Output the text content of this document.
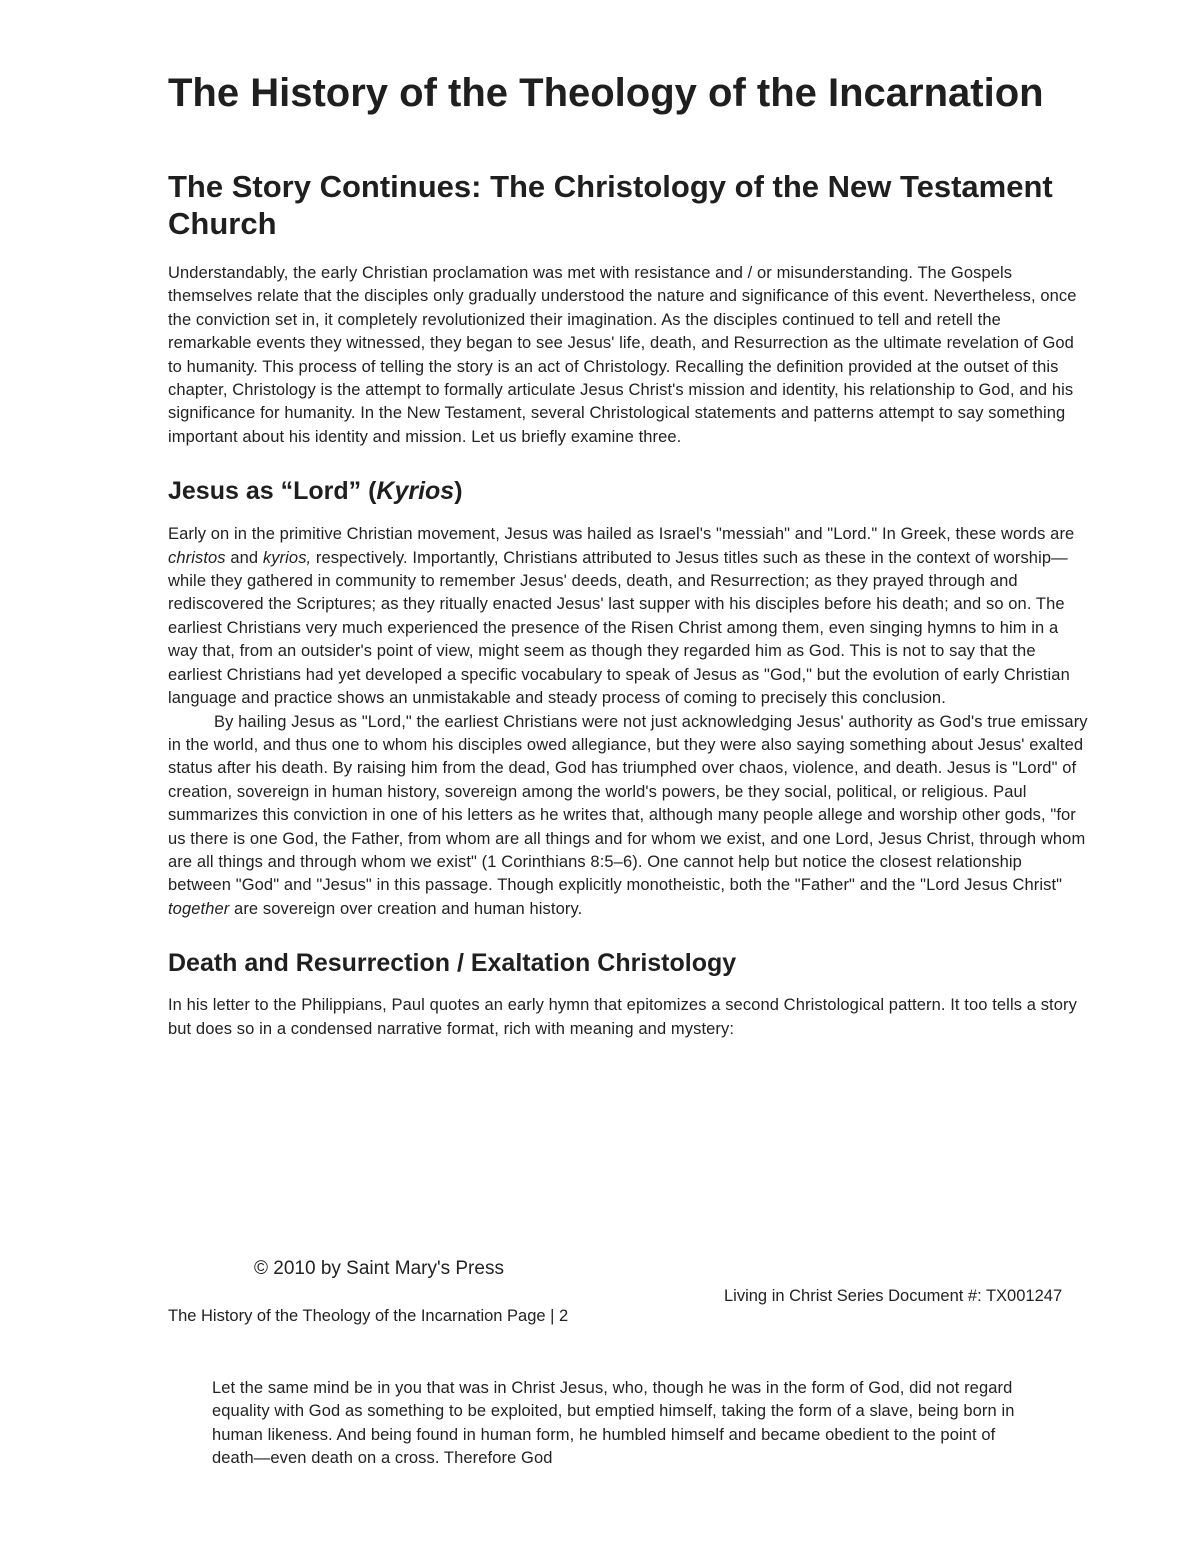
The History of the Theology of the Incarnation
The Story Continues: The Christology of the New Testament Church

Understandably, the early Christian proclamation was met with resistance and / or misunderstanding. The Gospels themselves relate that the disciples only gradually understood the nature and significance of this event. Nevertheless, once the conviction set in, it completely revolutionized their imagination. As the disciples continued to tell and retell the remarkable events they witnessed, they began to see Jesus' life, death, and Resurrection as the ultimate revelation of God to humanity. This process of telling the story is an act of Christology. Recalling the definition provided at the outset of this chapter, Christology is the attempt to formally articulate Jesus Christ's mission and identity, his relationship to God, and his significance for humanity. In the New Testament, several Christological statements and patterns attempt to say something important about his identity and mission. Let us briefly examine three.

Jesus as “Lord” (Kyrios)

Early on in the primitive Christian movement, Jesus was hailed as Israel's "messiah" and "Lord." In Greek, these words are christos and kyrios, respectively. Importantly, Christians attributed to Jesus titles such as these in the context of worship—while they gathered in community to remember Jesus' deeds, death, and Resurrection; as they prayed through and rediscovered the Scriptures; as they ritually enacted Jesus' last supper with his disciples before his death; and so on. The earliest Christians very much experienced the presence of the Risen Christ among them, even singing hymns to him in a way that, from an outsider's point of view, might seem as though they regarded him as God. This is not to say that the earliest Christians had yet developed a specific vocabulary to speak of Jesus as "God," but the evolution of early Christian language and practice shows an unmistakable and steady process of coming to precisely this conclusion.

By hailing Jesus as "Lord," the earliest Christians were not just acknowledging Jesus' authority as God's true emissary in the world, and thus one to whom his disciples owed allegiance, but they were also saying something about Jesus' exalted status after his death. By raising him from the dead, God has triumphed over chaos, violence, and death. Jesus is "Lord" of creation, sovereign in human history, sovereign among the world's powers, be they social, political, or religious. Paul summarizes this conviction in one of his letters as he writes that, although many people allege and worship other gods, "for us there is one God, the Father, from whom are all things and for whom we exist, and one Lord, Jesus Christ, through whom are all things and through whom we exist" (1 Corinthians 8:5–6). One cannot help but notice the closest relationship between "God" and "Jesus" in this passage. Though explicitly monotheistic, both the "Father" and the "Lord Jesus Christ" together are sovereign over creation and human history.

Death and Resurrection / Exaltation Christology

In his letter to the Philippians, Paul quotes an early hymn that epitomizes a second Christological pattern. It too tells a story but does so in a condensed narrative format, rich with meaning and mystery:

© 2010 by Saint Mary's Press
Living in Christ Series Document #: TX001247
The History of the Theology of the Incarnation Page | 2

Let the same mind be in you that was in Christ Jesus, who, though he was in the form of God, did not regard equality with God as something to be exploited, but emptied himself, taking the form of a slave, being born in human likeness. And being found in human form, he humbled himself and became obedient to the point of death—even death on a cross. Therefore God
